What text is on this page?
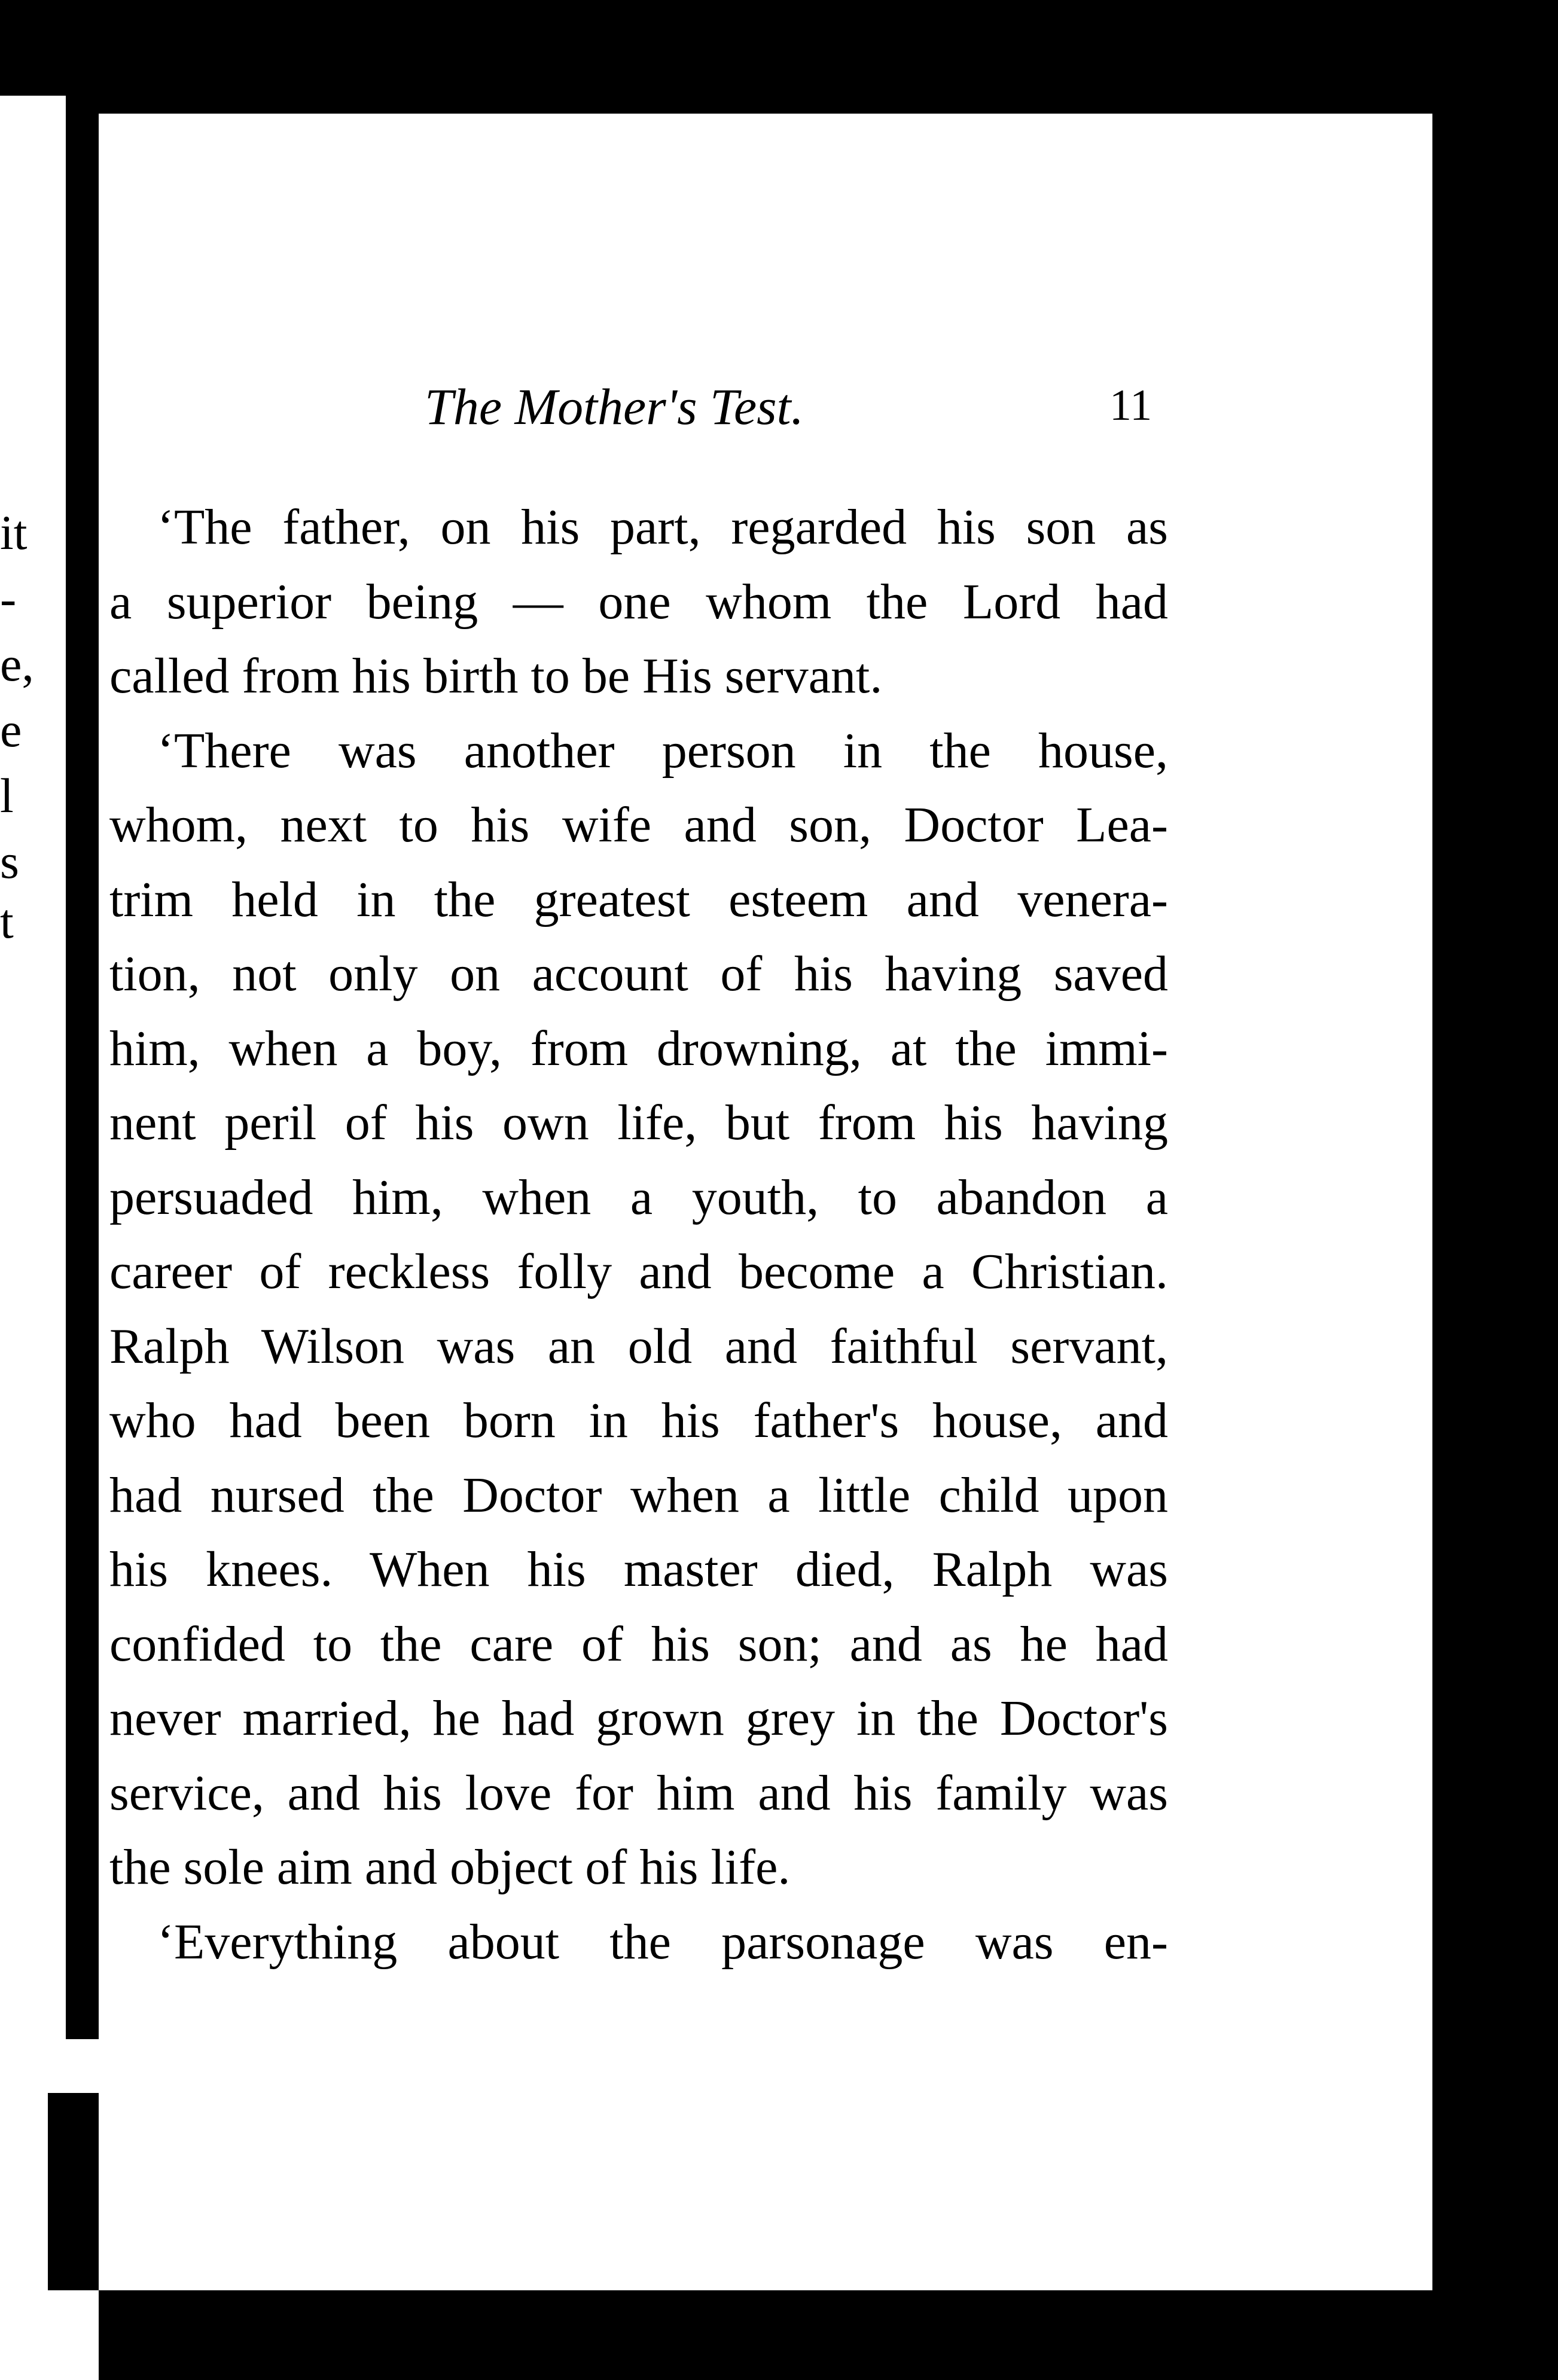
it
-
e,
e
l
s
t
The Mother's Test.	11
‘The father, on his part, regarded his son as
a superior being — one whom the Lord had
called from his birth to be His servant.
‘There was another person in the house,
whom, next to his wife and son, Doctor Lea-
trim held in the greatest esteem and venera-
tion, not only on account of his having saved
him, when a boy, from drowning, at the immi-
nent peril of his own life, but from his having
persuaded him, when a youth, to abandon a
career of reckless folly and become a Christian.
Ralph Wilson was an old and faithful servant,
who had been born in his father's house, and
had nursed the Doctor when a little child upon
his knees. When his master died, Ralph was
confided to the care of his son; and as he had
never married, he had grown grey in the Doctor's
service, and his love for him and his family was
the sole aim and object of his life.
‘Everything about the parsonage was en-
